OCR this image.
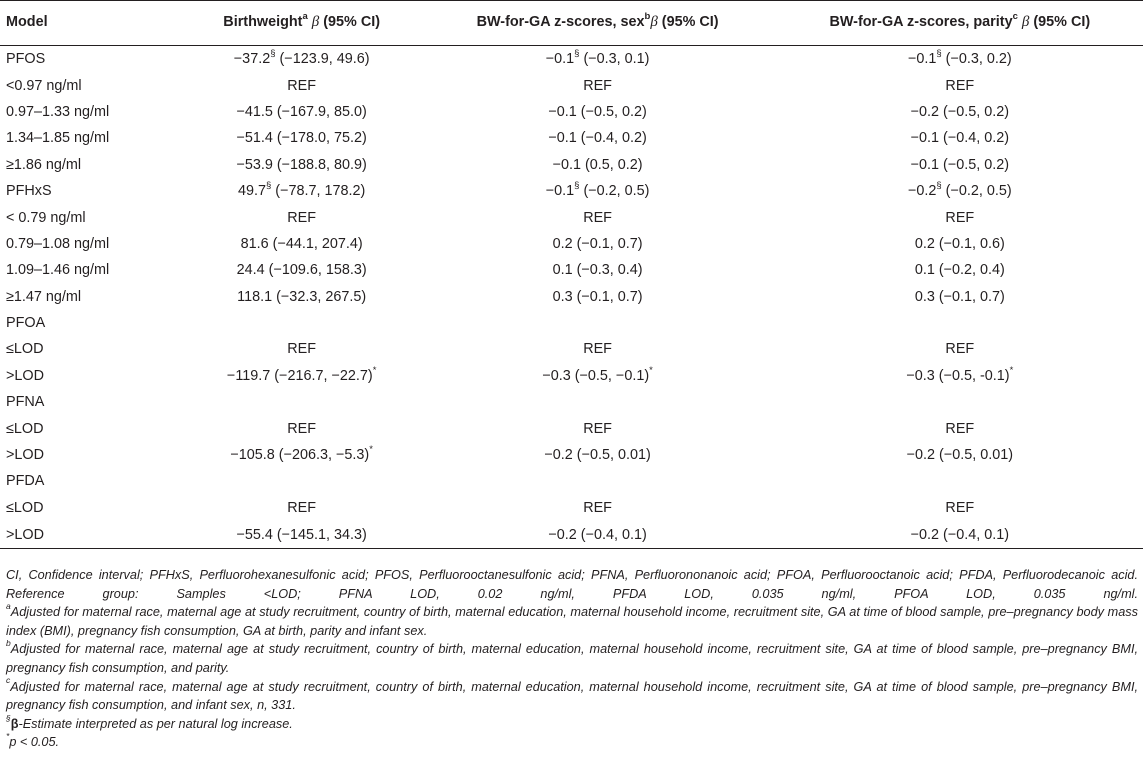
Model	Birthweight$^a$ β (95% CI)	BW-for-GA z-scores, sex$^b$β (95% CI)	BW-for-GA z-scores, parity$^c$ β (95% CI)
PFOS	−37.2§ (−123.9, 49.6)	−0.1§ (−0.3, 0.1)	−0.1§ (−0.3, 0.2)
<0.97 ng/ml	REF	REF	REF
0.97–1.33 ng/ml	−41.5 (−167.9, 85.0)	−0.1 (−0.5, 0.2)	−0.2 (−0.5, 0.2)
1.34–1.85 ng/ml	−51.4 (−178.0, 75.2)	−0.1 (−0.4, 0.2)	−0.1 (−0.4, 0.2)
≥1.86 ng/ml	−53.9 (−188.8, 80.9)	−0.1 (0.5, 0.2)	−0.1 (−0.5, 0.2)
PFHxS	49.7§ (−78.7, 178.2)	−0.1§ (−0.2, 0.5)	−0.2§ (−0.2, 0.5)
< 0.79 ng/ml	REF	REF	REF
0.79–1.08 ng/ml	81.6 (−44.1, 207.4)	0.2 (−0.1, 0.7)	0.2 (−0.1, 0.6)
1.09–1.46 ng/ml	24.4 (−109.6, 158.3)	0.1 (−0.3, 0.4)	0.1 (−0.2, 0.4)
≥1.47 ng/ml	118.1 (−32.3, 267.5)	0.3 (−0.1, 0.7)	0.3 (−0.1, 0.7)
PFOA			
≤LOD	REF	REF	REF
>LOD	−119.7 (−216.7, −22.7)*	−0.3 (−0.5, −0.1)*	−0.3 (−0.5, -0.1)*
PFNA			
≤LOD	REF	REF	REF
>LOD	−105.8 (−206.3, −5.3)*	−0.2 (−0.5, 0.01)	−0.2 (−0.5, 0.01)
PFDA			
≤LOD	REF	REF	REF
>LOD	−55.4 (−145.1, 34.3)	−0.2 (−0.4, 0.1)	−0.2 (−0.4, 0.1)

CI, Confidence interval; PFHxS, Perfluorohexanesulfonic acid; PFOS, Perfluorooctanesulfonic acid; PFNA, Perfluorononanoic acid; PFOA, Perfluorooctanoic acid; PFDA, Perfluorodecanoic acid. Reference group: Samples <LOD; PFNA LOD, 0.02 ng/ml, PFDA LOD, 0.035 ng/ml, PFOA LOD, 0.035 ng/ml.

$^a$Adjusted for maternal race, maternal age at study recruitment, country of birth, maternal education, maternal household income, recruitment site, GA at time of blood sample, pre–pregnancy body mass index (BMI), pregnancy fish consumption, GA at birth, parity and infant sex.

$^b$Adjusted for maternal race, maternal age at study recruitment, country of birth, maternal education, maternal household income, recruitment site, GA at time of blood sample, pre–pregnancy BMI, pregnancy fish consumption, and parity.

$^c$Adjusted for maternal race, maternal age at study recruitment, country of birth, maternal education, maternal household income, recruitment site, GA at time of blood sample, pre–pregnancy BMI, pregnancy fish consumption, and infant sex, n, 331.

§β-Estimate interpreted as per natural log increase.

*p < 0.05.
